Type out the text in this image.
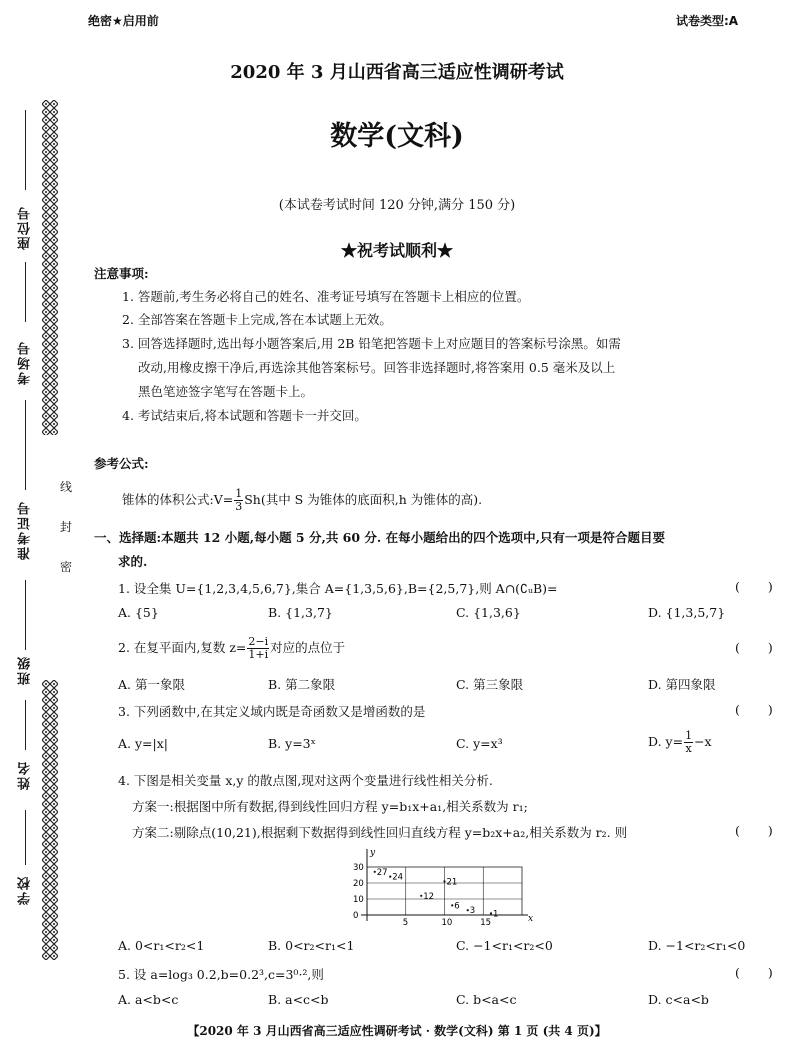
绝密★启用前	试卷类型:A
2020 年 3 月山西省高三适应性调研考试
数学(文科)
(本试卷考试时间 120 分钟,满分 150 分)
★祝考试顺利★
座位号
考场号
准考证号
班级
姓名
学校
线
封
密
注意事项:
1. 答题前,考生务必将自己的姓名、准考证号填写在答题卡上相应的位置。
2. 全部答案在答题卡上完成,答在本试题上无效。
3. 回答选择题时,选出每小题答案后,用 2B 铅笔把答题卡上对应题目的答案标号涂黑。如需
改动,用橡皮擦干净后,再选涂其他答案标号。回答非选择题时,将答案用 0.5 毫米及以上
黑色笔迹签字笔写在答题卡上。
4. 考试结束后,将本试题和答题卡一并交回。
参考公式:
锥体的体积公式:V= $\frac{1}{3} Sh$(其中 S 为锥体的底面积,h 为锥体的高).
一、选择题:本题共 12 小题,每小题 5 分,共 60 分. 在每小题给出的四个选项中,只有一项是符合题目要
求的.
1. 设全集 U={1,2,3,4,5,6,7},集合 A={1,3,5,6},B={2,5,7},则 A∩(∁ᵤB)=	()
A. {5}	B. {1,3,7}	C. {1,3,6}	D. {1,3,5,7}
2. 在复平面内,复数 $z= \frac{2-i}{1+i}$ 对应的点位于	()
A. 第一象限	B. 第二象限	C. 第三象限	D. 第四象限
3. 下列函数中,在其定义域内既是奇函数又是增函数的是	()
A. y=|x|	B. y=3ˣ	C. y=x³	D. $y= \frac{1}{x} -x$
4. 下图是相关变量 x,y 的散点图,现对这两个变量进行线性相关分析.
方案一:根据图中所有数据,得到线性回归方程 y=b₁x+a₁,相关系数为 r₁;
方案二:剔除点(10,21),根据剩下数据得到线性回归直线方程 y=b₂x+a₂,相关系数为 r₂. 则	()
x
y
5	10	15
0
10
20
30 27 24
12
21
6 3 1
A. 0<r₁<r₂<1	B. 0<r₂<r₁<1	C. −1<r₁<r₂<0	D. −1<r₂<r₁<0
5. 设 a=log₃ 0.2,b=0.2³,c=3⁰·²,则	()
A. a<b<c	B. a<c<b	C. b<a<c	D. c<a<b
【2020 年 3 月山西省高三适应性调研考试 · 数学(文科) 第 1 页 (共 4 页)】
